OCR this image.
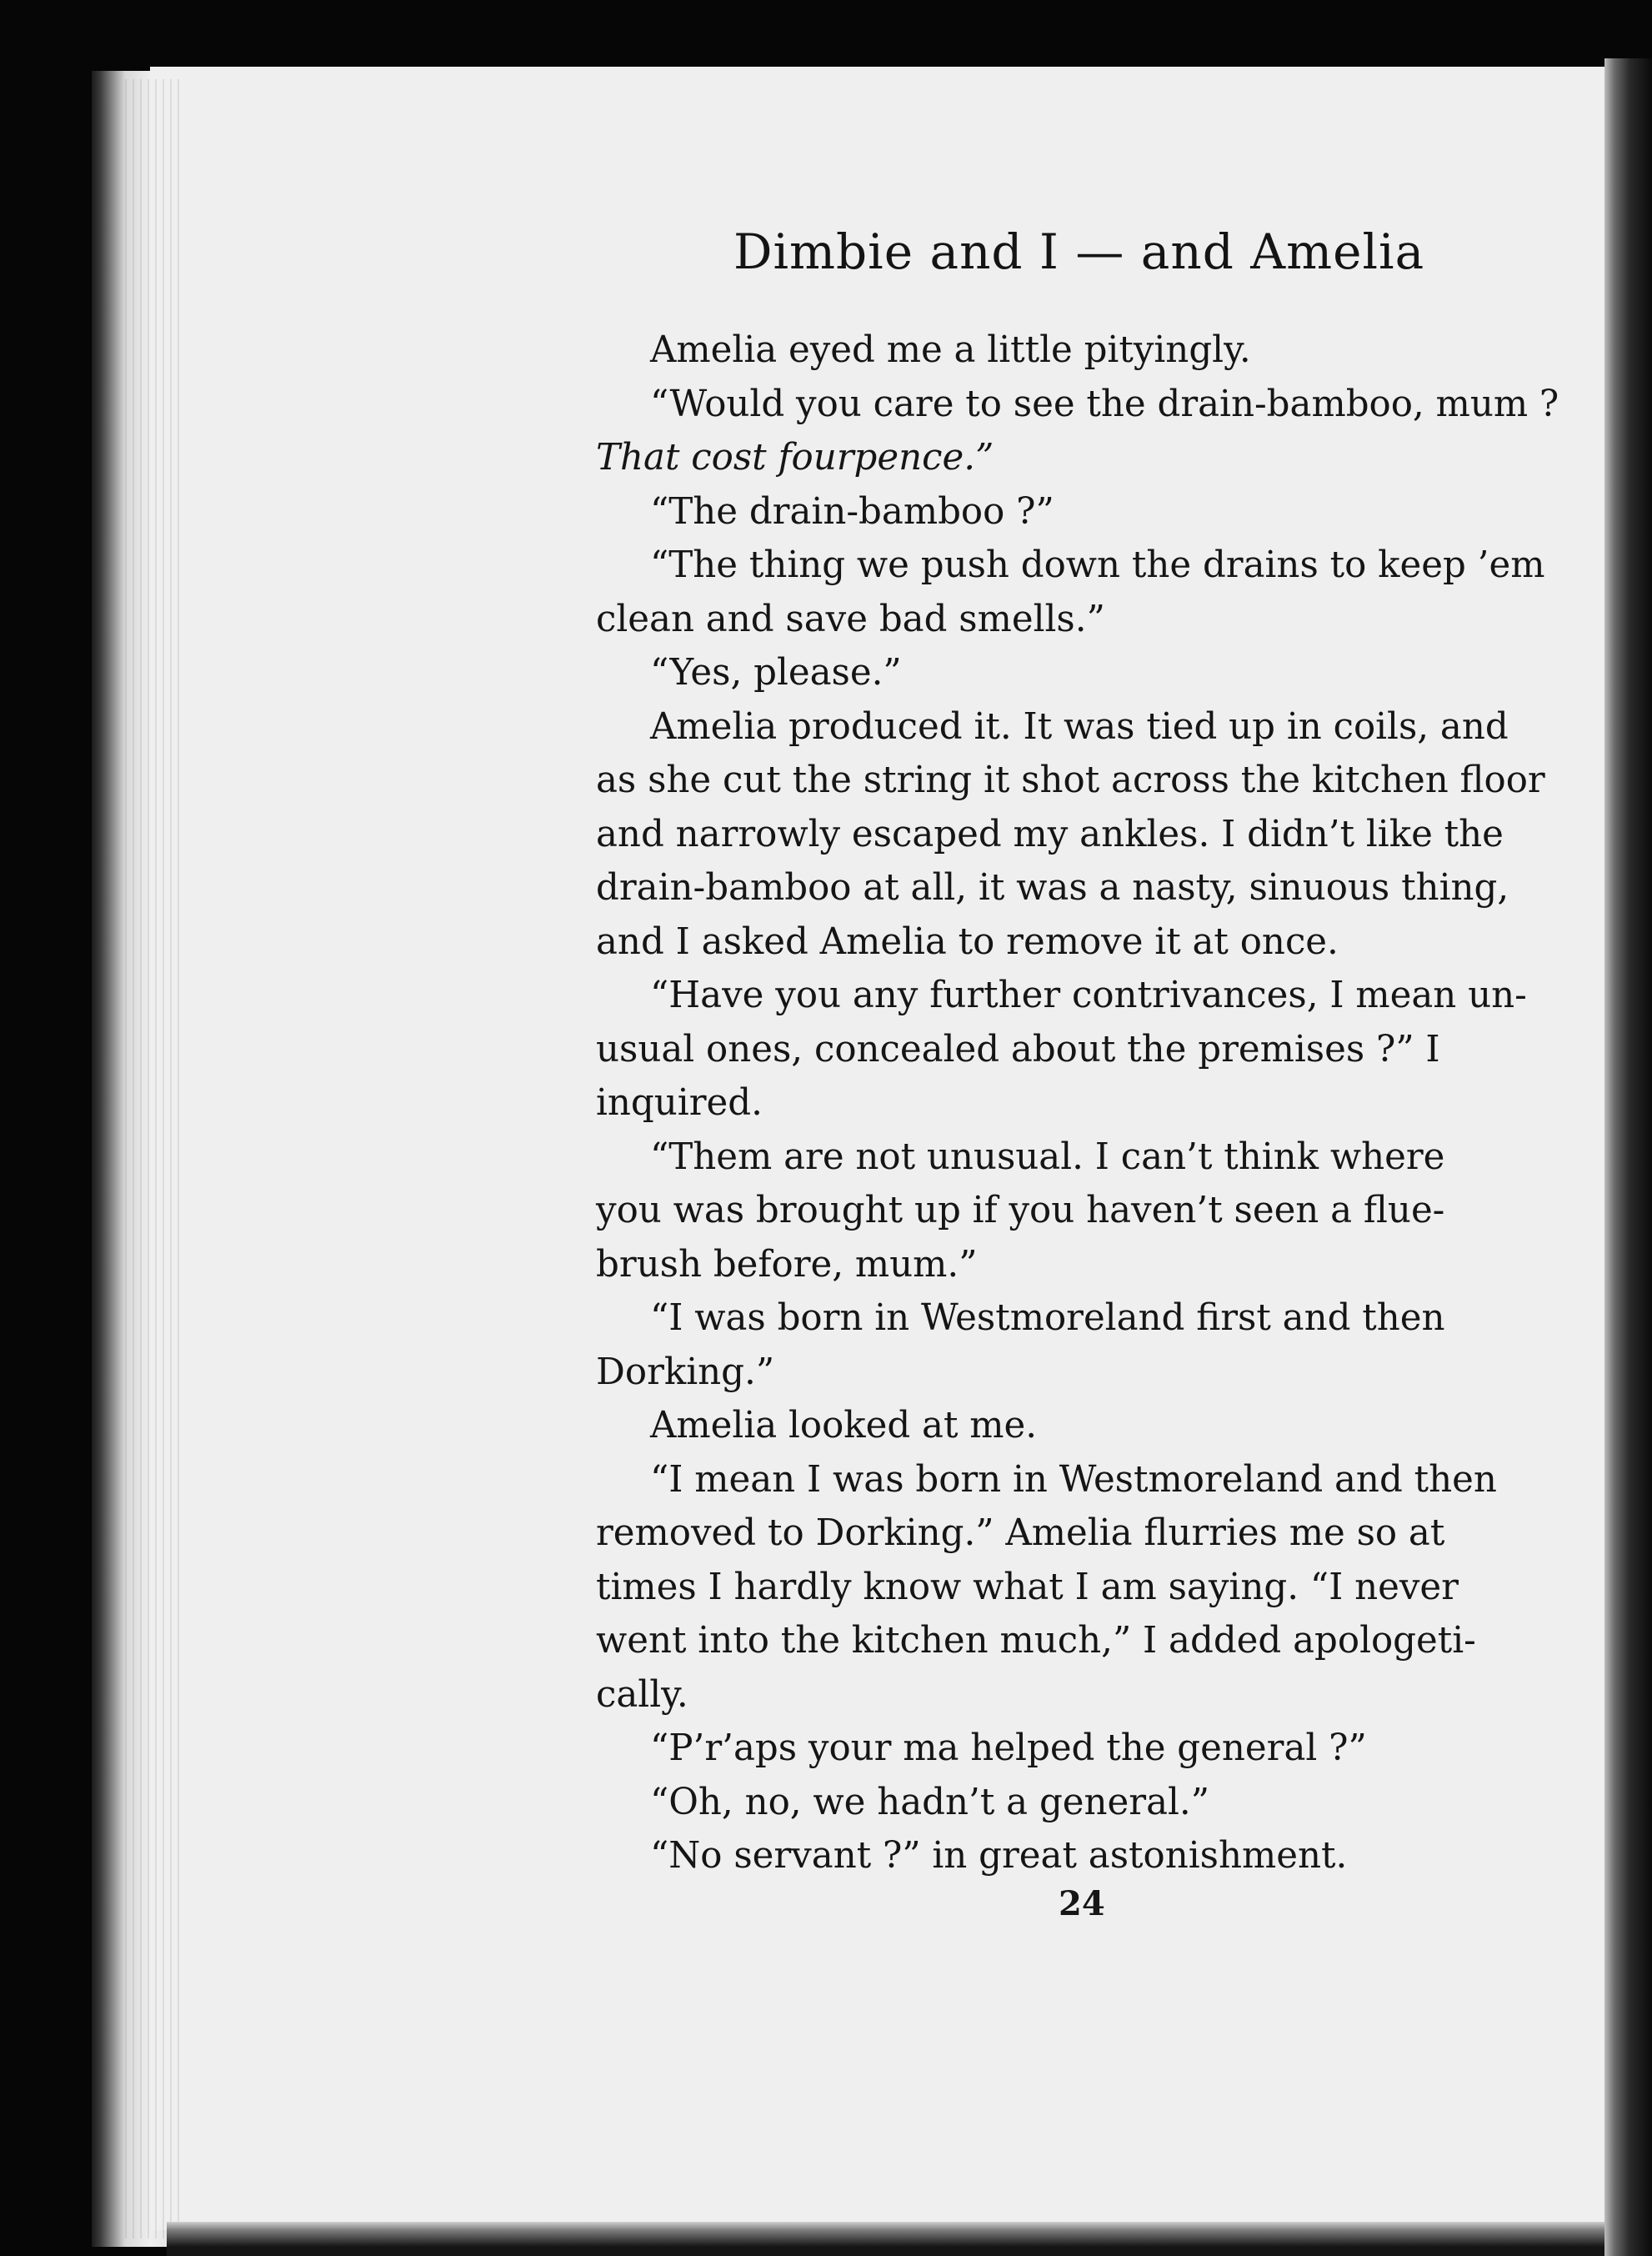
Dimbie and I — and Amelia
Amelia eyed me a little pityingly.
“Would you care to see the drain-bamboo, mum ?
That cost fourpence.”
“The drain-bamboo ?”
“The thing we push down the drains to keep ’em
clean and save bad smells.”
“Yes, please.”
Amelia produced it. It was tied up in coils, and
as she cut the string it shot across the kitchen floor
and narrowly escaped my ankles. I didn’t like the
drain-bamboo at all, it was a nasty, sinuous thing,
and I asked Amelia to remove it at once.
“Have you any further contrivances, I mean un-
usual ones, concealed about the premises ?” I
inquired.
“Them are not unusual. I can’t think where
you was brought up if you haven’t seen a flue-
brush before, mum.”
“I was born in Westmoreland first and then
Dorking.”
Amelia looked at me.
“I mean I was born in Westmoreland and then
removed to Dorking.” Amelia flurries me so at
times I hardly know what I am saying. “I never
went into the kitchen much,” I added apologeti-
cally.
“P’r’aps your ma helped the general ?”
“Oh, no, we hadn’t a general.”
“No servant ?” in great astonishment.
24
